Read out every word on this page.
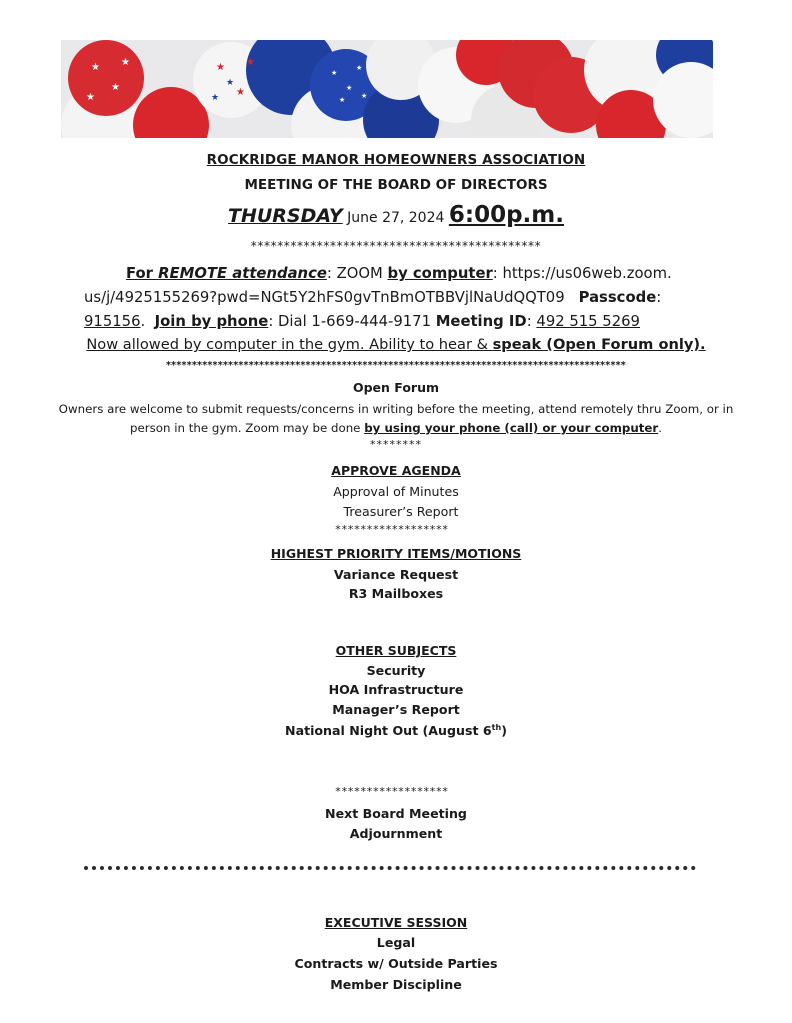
★
★
★
★	★
★
★
★
★
★
★
★
★ ★
ROCKRIDGE MANOR HOMEOWNERS ASSOCIATION
MEETING OF THE BOARD OF DIRECTORS
THURSDAY June 27, 2024 6:00p.m.
********************************************
For REMOTE attendance: ZOOM by computer: https://us06web.zoom.
us/j/4925155269?pwd=NGt5Y2hFS0gvTnBmOTBBVjlNaUdQQT09 Passcode:
915156. Join by phone: Dial 1-669-444-9171 Meeting ID: 492 515 5269
Now allowed by computer in the gym. Ability to hear & speak (Open Forum only).
*****************************************************************************************
Open Forum
Owners are welcome to submit requests/concerns in writing before the meeting, attend remotely thru Zoom, or in person in the gym. Zoom may be done by using your phone (call) or your computer.
********
APPROVE AGENDA
Approval of Minutes
Treasurer’s Report
******************
HIGHEST PRIORITY ITEMS/MOTIONS
Variance Request
R3 Mailboxes
OTHER SUBJECTS
Security
HOA Infrastructure
Manager’s Report
National Night Out (August 6th)
******************
Next Board Meeting
Adjournment
EXECUTIVE SESSION
Legal
Contracts w/ Outside Parties
Member Discipline
